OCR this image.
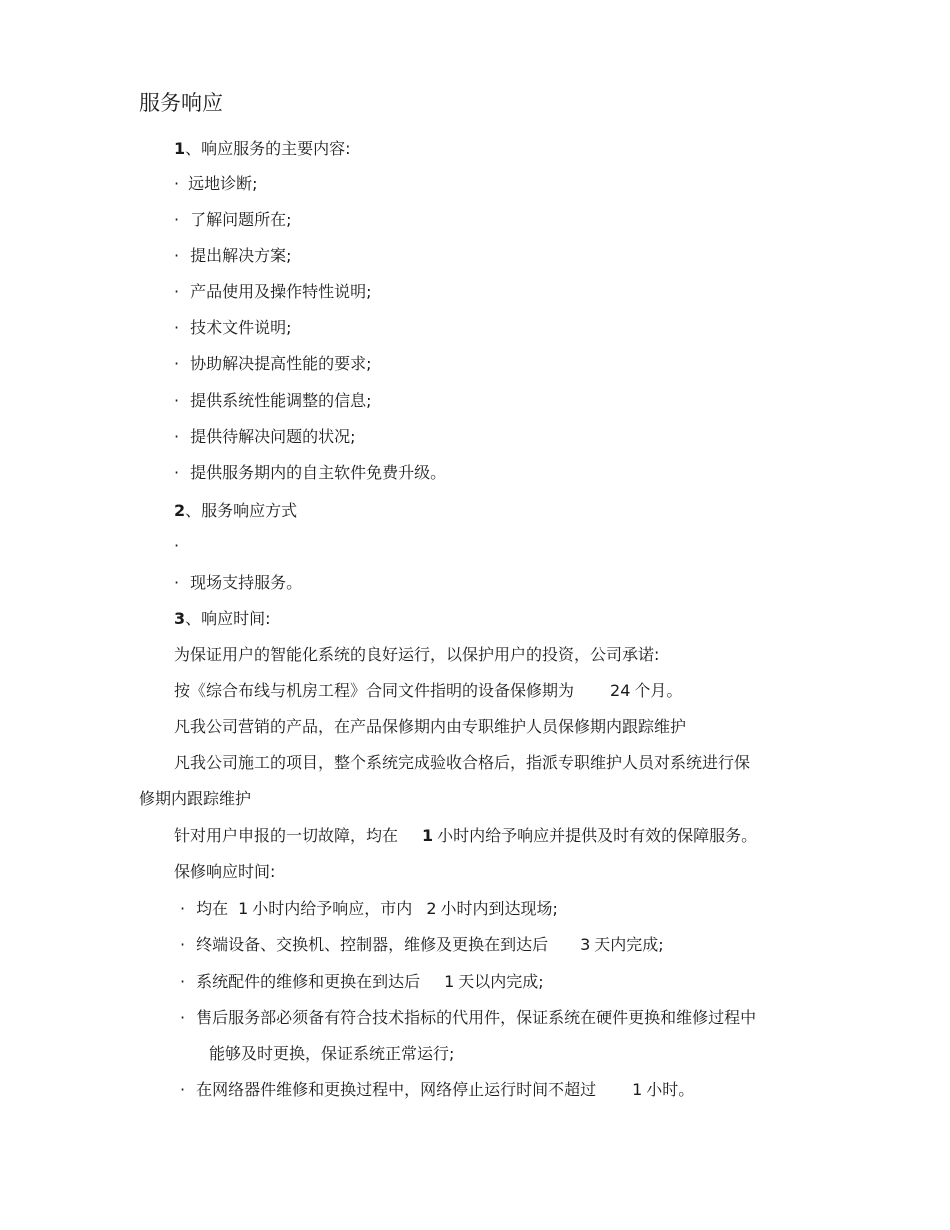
服务响应
1、响应服务的主要内容:
· 远地诊断;
· 了解问题所在;
· 提出解决方案;
· 产品使用及操作特性说明;
· 技术文件说明;
· 协助解决提高性能的要求;
· 提供系统性能调整的信息;
· 提供待解决问题的状况;
· 提供服务期内的自主软件免费升级。
2、服务响应方式
·
· 现场支持服务。
3、响应时间:
为保证用户的智能化系统的良好运行，以保护用户的投资，公司承诺:
按《综合布线与机房工程》合同文件指明的设备保修期为 24 个月。
凡我公司营销的产品，在产品保修期内由专职维护人员保修期内跟踪维护
凡我公司施工的项目，整个系统完成验收合格后，指派专职维护人员对系统进行保
修期内跟踪维护
针对用户申报的一切故障，均在 1 小时内给予响应并提供及时有效的保障服务。
保修响应时间:
· 均在 1 小时内给予响应，市内 2 小时内到达现场;
· 终端设备、交换机、控制器，维修及更换在到达后 3 天内完成;
· 系统配件的维修和更换在到达后 1 天以内完成;
· 售后服务部必须备有符合技术指标的代用件，保证系统在硬件更换和维修过程中
能够及时更换，保证系统正常运行;
· 在网络器件维修和更换过程中，网络停止运行时间不超过 1 小时。
